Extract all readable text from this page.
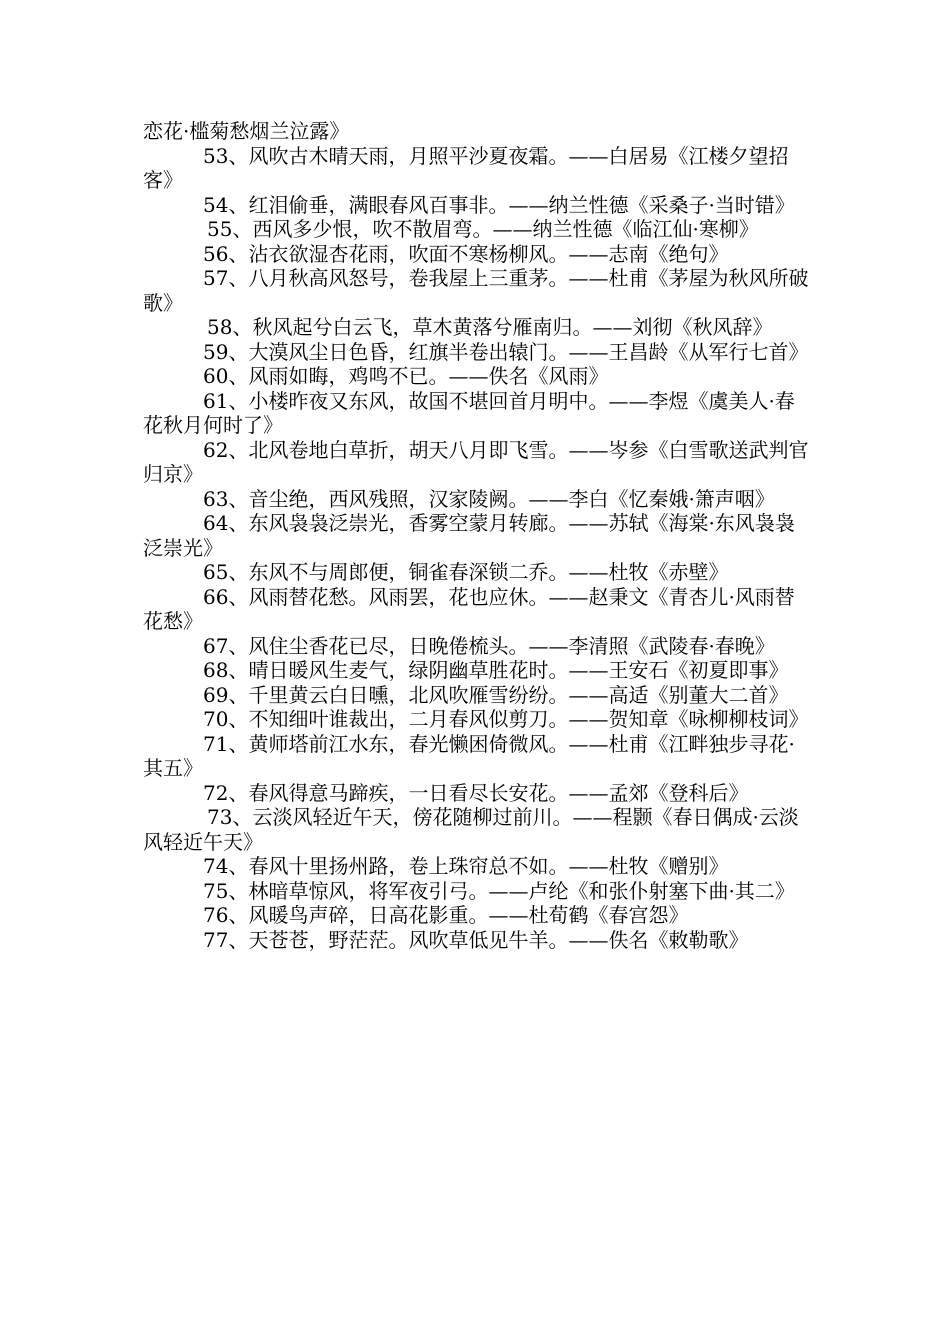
恋花·槛菊愁烟兰泣露》

53、风吹古木晴天雨，月照平沙夏夜霜。——白居易《江楼夕望招客》

54、红泪偷垂，满眼春风百事非。——纳兰性德《采桑子·当时错》

55、西风多少恨，吹不散眉弯。——纳兰性德《临江仙·寒柳》

56、沾衣欲湿杏花雨，吹面不寒杨柳风。——志南《绝句》

57、八月秋高风怒号，卷我屋上三重茅。——杜甫《茅屋为秋风所破歌》

58、秋风起兮白云飞，草木黄落兮雁南归。——刘彻《秋风辞》

59、大漠风尘日色昏，红旗半卷出辕门。——王昌龄《从军行七首》

60、风雨如晦，鸡鸣不已。——佚名《风雨》

61、小楼昨夜又东风，故国不堪回首月明中。——李煜《虞美人·春花秋月何时了》

62、北风卷地白草折，胡天八月即飞雪。——岑参《白雪歌送武判官归京》

63、音尘绝，西风残照，汉家陵阙。——李白《忆秦娥·箫声咽》

64、东风袅袅泛崇光，香雾空蒙月转廊。——苏轼《海棠·东风袅袅泛崇光》

65、东风不与周郎便，铜雀春深锁二乔。——杜牧《赤壁》

66、风雨替花愁。风雨罢，花也应休。——赵秉文《青杏儿·风雨替花愁》

67、风住尘香花已尽，日晚倦梳头。——李清照《武陵春·春晚》

68、晴日暖风生麦气，绿阴幽草胜花时。——王安石《初夏即事》

69、千里黄云白日曛，北风吹雁雪纷纷。——高适《别董大二首》

70、不知细叶谁裁出，二月春风似剪刀。——贺知章《咏柳柳枝词》

71、黄师塔前江水东，春光懒困倚微风。——杜甫《江畔独步寻花·其五》

72、春风得意马蹄疾，一日看尽长安花。——孟郊《登科后》

73、云淡风轻近午天，傍花随柳过前川。——程颢《春日偶成·云淡风轻近午天》

74、春风十里扬州路，卷上珠帘总不如。——杜牧《赠别》

75、林暗草惊风，将军夜引弓。——卢纶《和张仆射塞下曲·其二》

76、风暖鸟声碎，日高花影重。——杜荀鹤《春宫怨》

77、天苍苍，野茫茫。风吹草低见牛羊。——佚名《敕勒歌》
